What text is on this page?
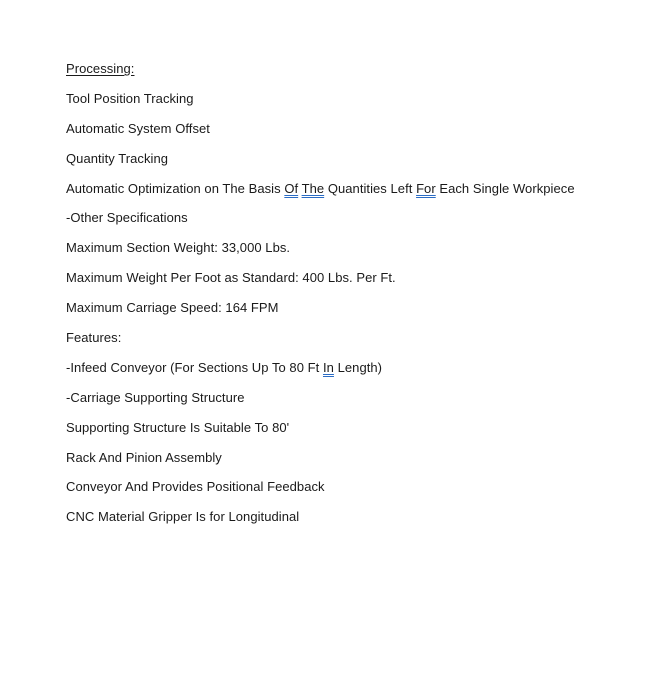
Processing:
Tool Position Tracking
Automatic System Offset
Quantity Tracking
Automatic Optimization on The Basis Of The Quantities Left For Each Single Workpiece
-Other Specifications
Maximum Section Weight: 33,000 Lbs.
Maximum Weight Per Foot as Standard: 400 Lbs. Per Ft.
Maximum Carriage Speed: 164 FPM
Features:
-Infeed Conveyor (For Sections Up To 80 Ft In Length)
-Carriage Supporting Structure
Supporting Structure Is Suitable To 80'
Rack And Pinion Assembly
Conveyor And Provides Positional Feedback
CNC Material Gripper Is for Longitudinal
